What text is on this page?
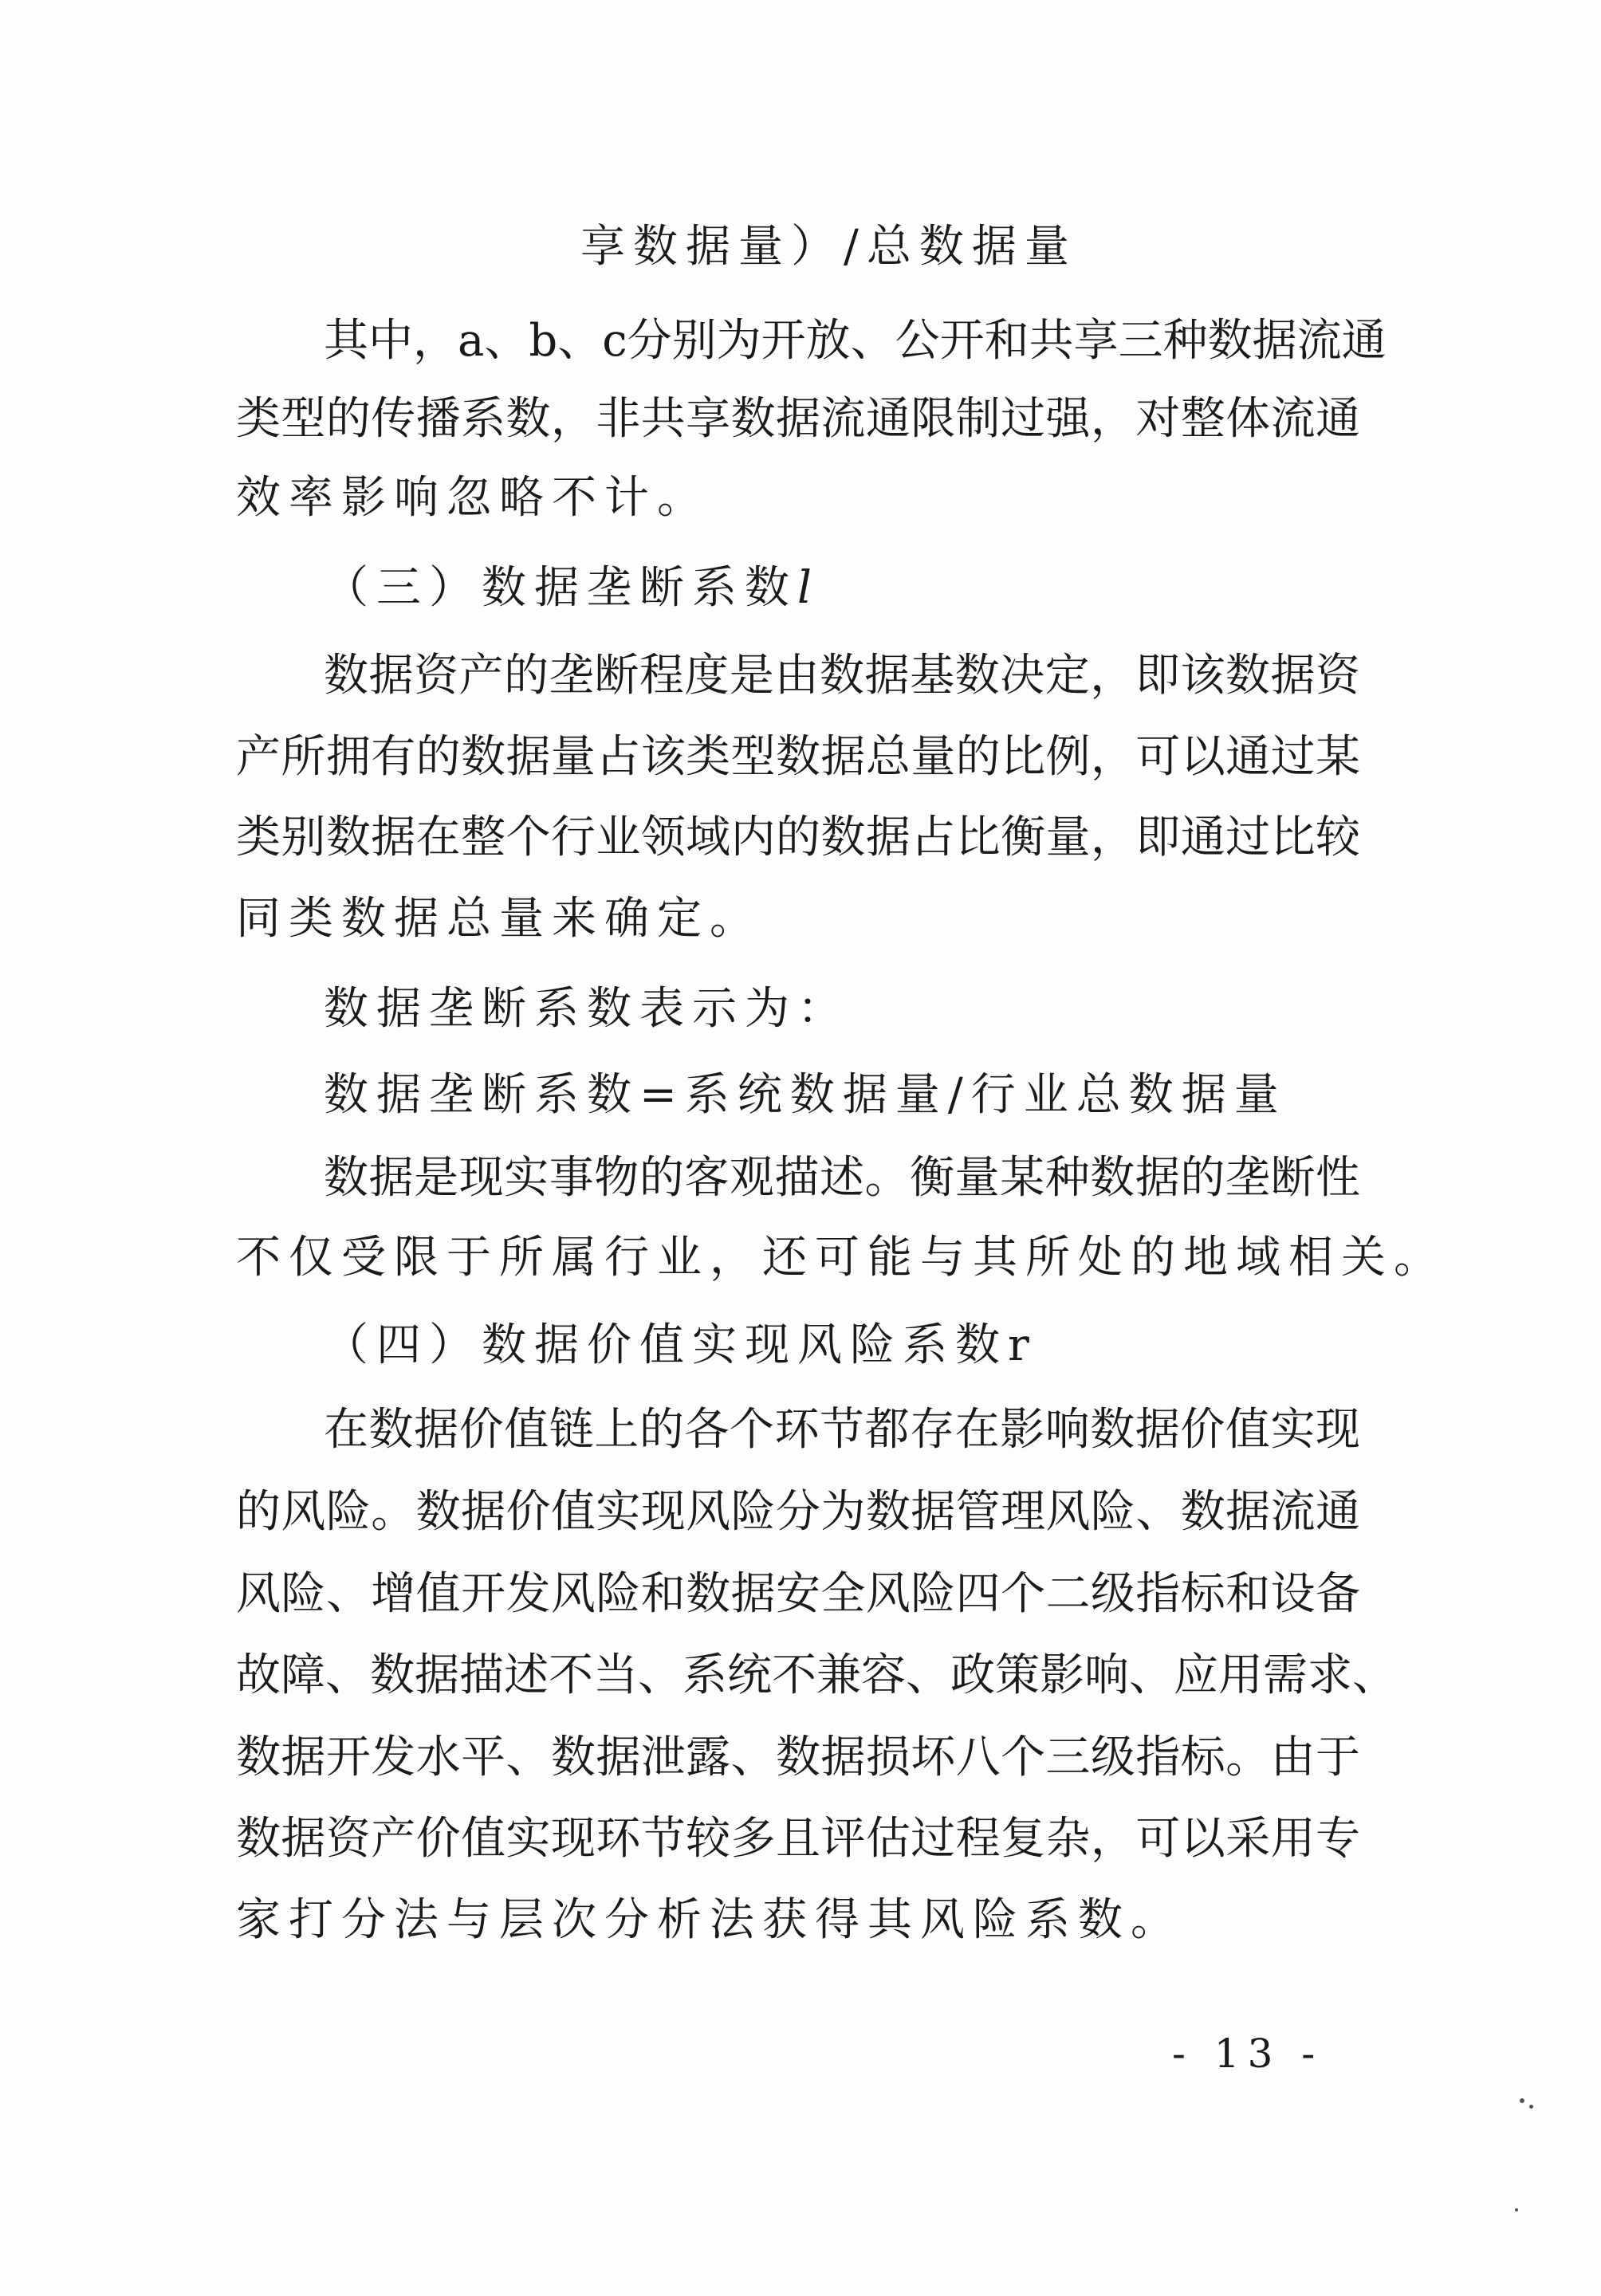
享数据量）/总数据量
其中，a、b、c分别为开放、公开和共享三种数据流通
类型的传播系数，非共享数据流通限制过强，对整体流通
效率影响忽略不计。
（三）数据垄断系数l
数据资产的垄断程度是由数据基数决定，即该数据资
产所拥有的数据量占该类型数据总量的比例，可以通过某
类别数据在整个行业领域内的数据占比衡量，即通过比较
同类数据总量来确定。
数据垄断系数表示为：
数据垄断系数=系统数据量/行业总数据量
数据是现实事物的客观描述。衡量某种数据的垄断性
不仅受限于所属行业，还可能与其所处的地域相关。
（四）数据价值实现风险系数r
在数据价值链上的各个环节都存在影响数据价值实现
的风险。数据价值实现风险分为数据管理风险、数据流通
风险、增值开发风险和数据安全风险四个二级指标和设备
故障、数据描述不当、系统不兼容、政策影响、应用需求、
数据开发水平、数据泄露、数据损坏八个三级指标。由于
数据资产价值实现环节较多且评估过程复杂，可以采用专
家打分法与层次分析法获得其风险系数。
- 13 -
